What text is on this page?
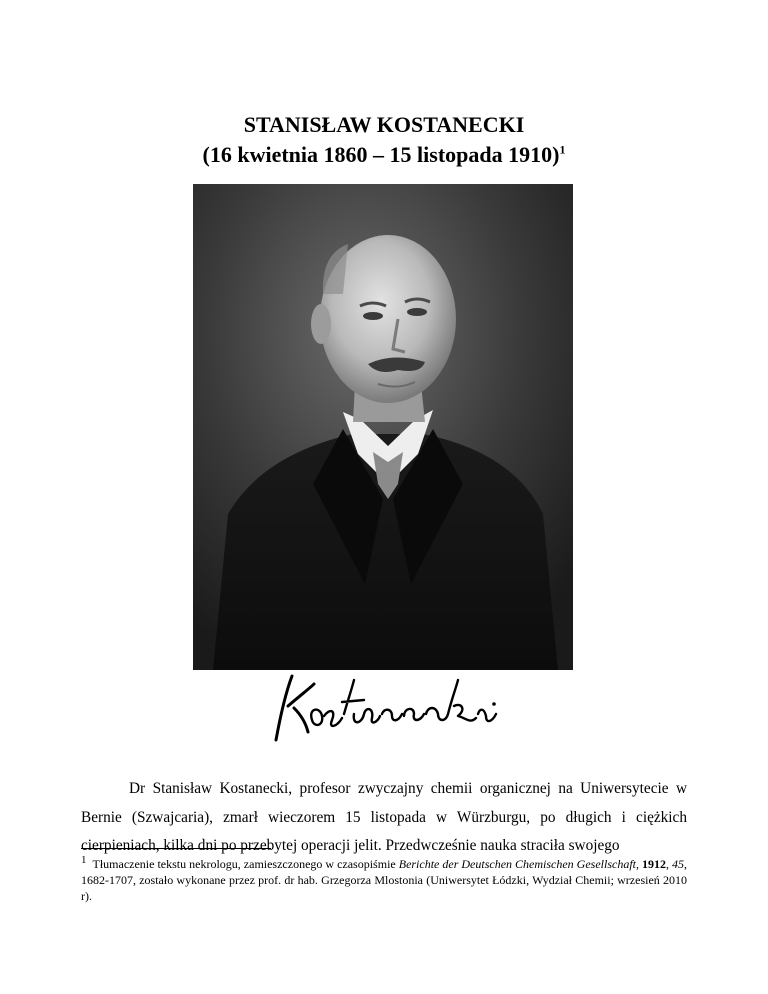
STANISŁAW KOSTANECKI
(16 kwietnia 1860 – 15 listopada 1910)$^1$

Dr Stanisław Kostanecki, profesor zwyczajny chemii organicznej na Uniwersytecie w Bernie (Szwajcaria), zmarł wieczorem 15 listopada w Würzburgu, po długich i ciężkich cierpieniach, kilka dni po przebytej operacji jelit. Przedwcześnie nauka straciła swojego

1 Tłumaczenie tekstu nekrologu, zamieszczonego w czasopiśmie Berichte der Deutschen Chemischen Gesellschaft, 1912, 45, 1682-1707, zostało wykonane przez prof. dr hab. Grzegorza Mlostonia (Uniwersytet Łódzki, Wydział Chemii; wrzesień 2010 r).
